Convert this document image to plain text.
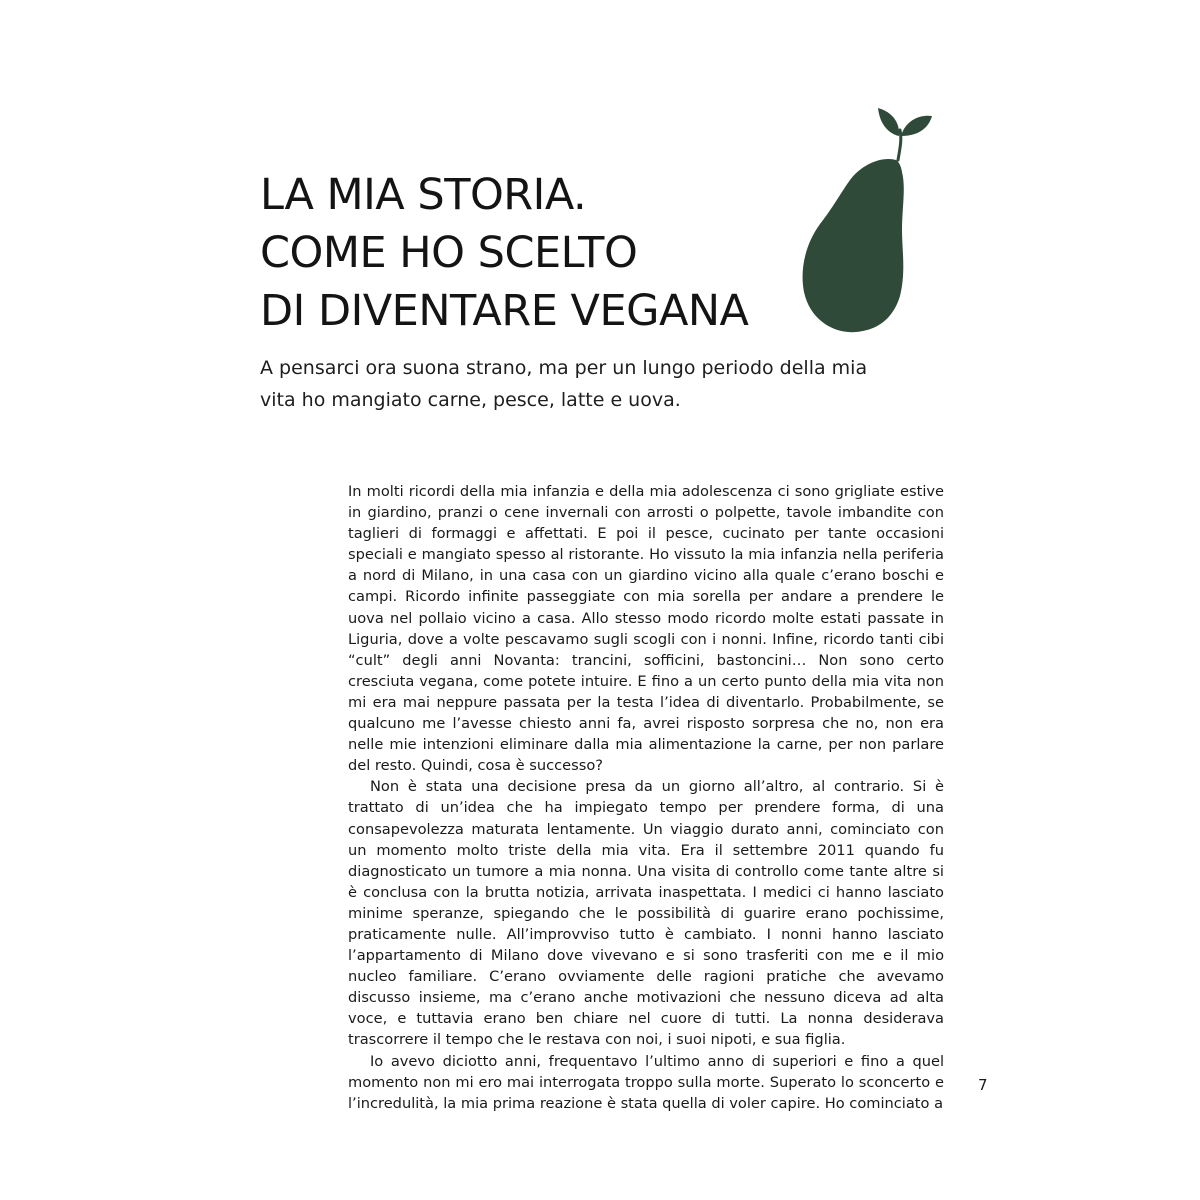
LA MIA STORIA.
COME HO SCELTO
DI DIVENTARE VEGANA

A pensarci ora suona strano, ma per un lungo periodo della mia
vita ho mangiato carne, pesce, latte e uova.

In molti ricordi della mia infanzia e della mia adolescenza ci sono grigliate estive in giardino, pranzi o cene invernali con arrosti o polpette, tavole imbandite con taglieri di formaggi e affettati. E poi il pesce, cucinato per tante occasioni speciali e mangiato spesso al ristorante. Ho vissuto la mia infanzia nella periferia a nord di Milano, in una casa con un giardino vicino alla quale c’erano boschi e campi. Ricordo infinite passeggiate con mia sorella per andare a prendere le uova nel pollaio vicino a casa. Allo stesso modo ricordo molte estati passate in Liguria, dove a volte pescavamo sugli scogli con i nonni. Infine, ricordo tanti cibi “cult” degli anni Novanta: trancini, sofficini, bastoncini… Non sono certo cresciuta vegana, come potete intuire. E fino a un certo punto della mia vita non mi era mai neppure passata per la testa l’idea di diventarlo. Probabilmente, se qualcuno me l’avesse chiesto anni fa, avrei risposto sorpresa che no, non era nelle mie intenzioni eliminare dalla mia alimentazione la carne, per non parlare del resto. Quindi, cosa è successo?

Non è stata una decisione presa da un giorno all’altro, al contrario. Si è trattato di un’idea che ha impiegato tempo per prendere forma, di una consapevolezza maturata lentamente. Un viaggio durato anni, cominciato con un momento molto triste della mia vita. Era il settembre 2011 quando fu diagnosticato un tumore a mia nonna. Una visita di controllo come tante altre si è conclusa con la brutta notizia, arrivata inaspettata. I medici ci hanno lasciato minime speranze, spiegando che le possibilità di guarire erano pochissime, praticamente nulle. All’improvviso tutto è cambiato. I nonni hanno lasciato l’appartamento di Milano dove vivevano e si sono trasferiti con me e il mio nucleo familiare. C’erano ovviamente delle ragioni pratiche che avevamo discusso insieme, ma c’erano anche motivazioni che nessuno diceva ad alta voce, e tuttavia erano ben chiare nel cuore di tutti. La nonna desiderava trascorrere il tempo che le restava con noi, i suoi nipoti, e sua figlia.

Io avevo diciotto anni, frequentavo l’ultimo anno di superiori e fino a quel momento non mi ero mai interrogata troppo sulla morte. Superato lo sconcerto e l’incredulità, la mia prima reazione è stata quella di voler capire. Ho cominciato a

7
